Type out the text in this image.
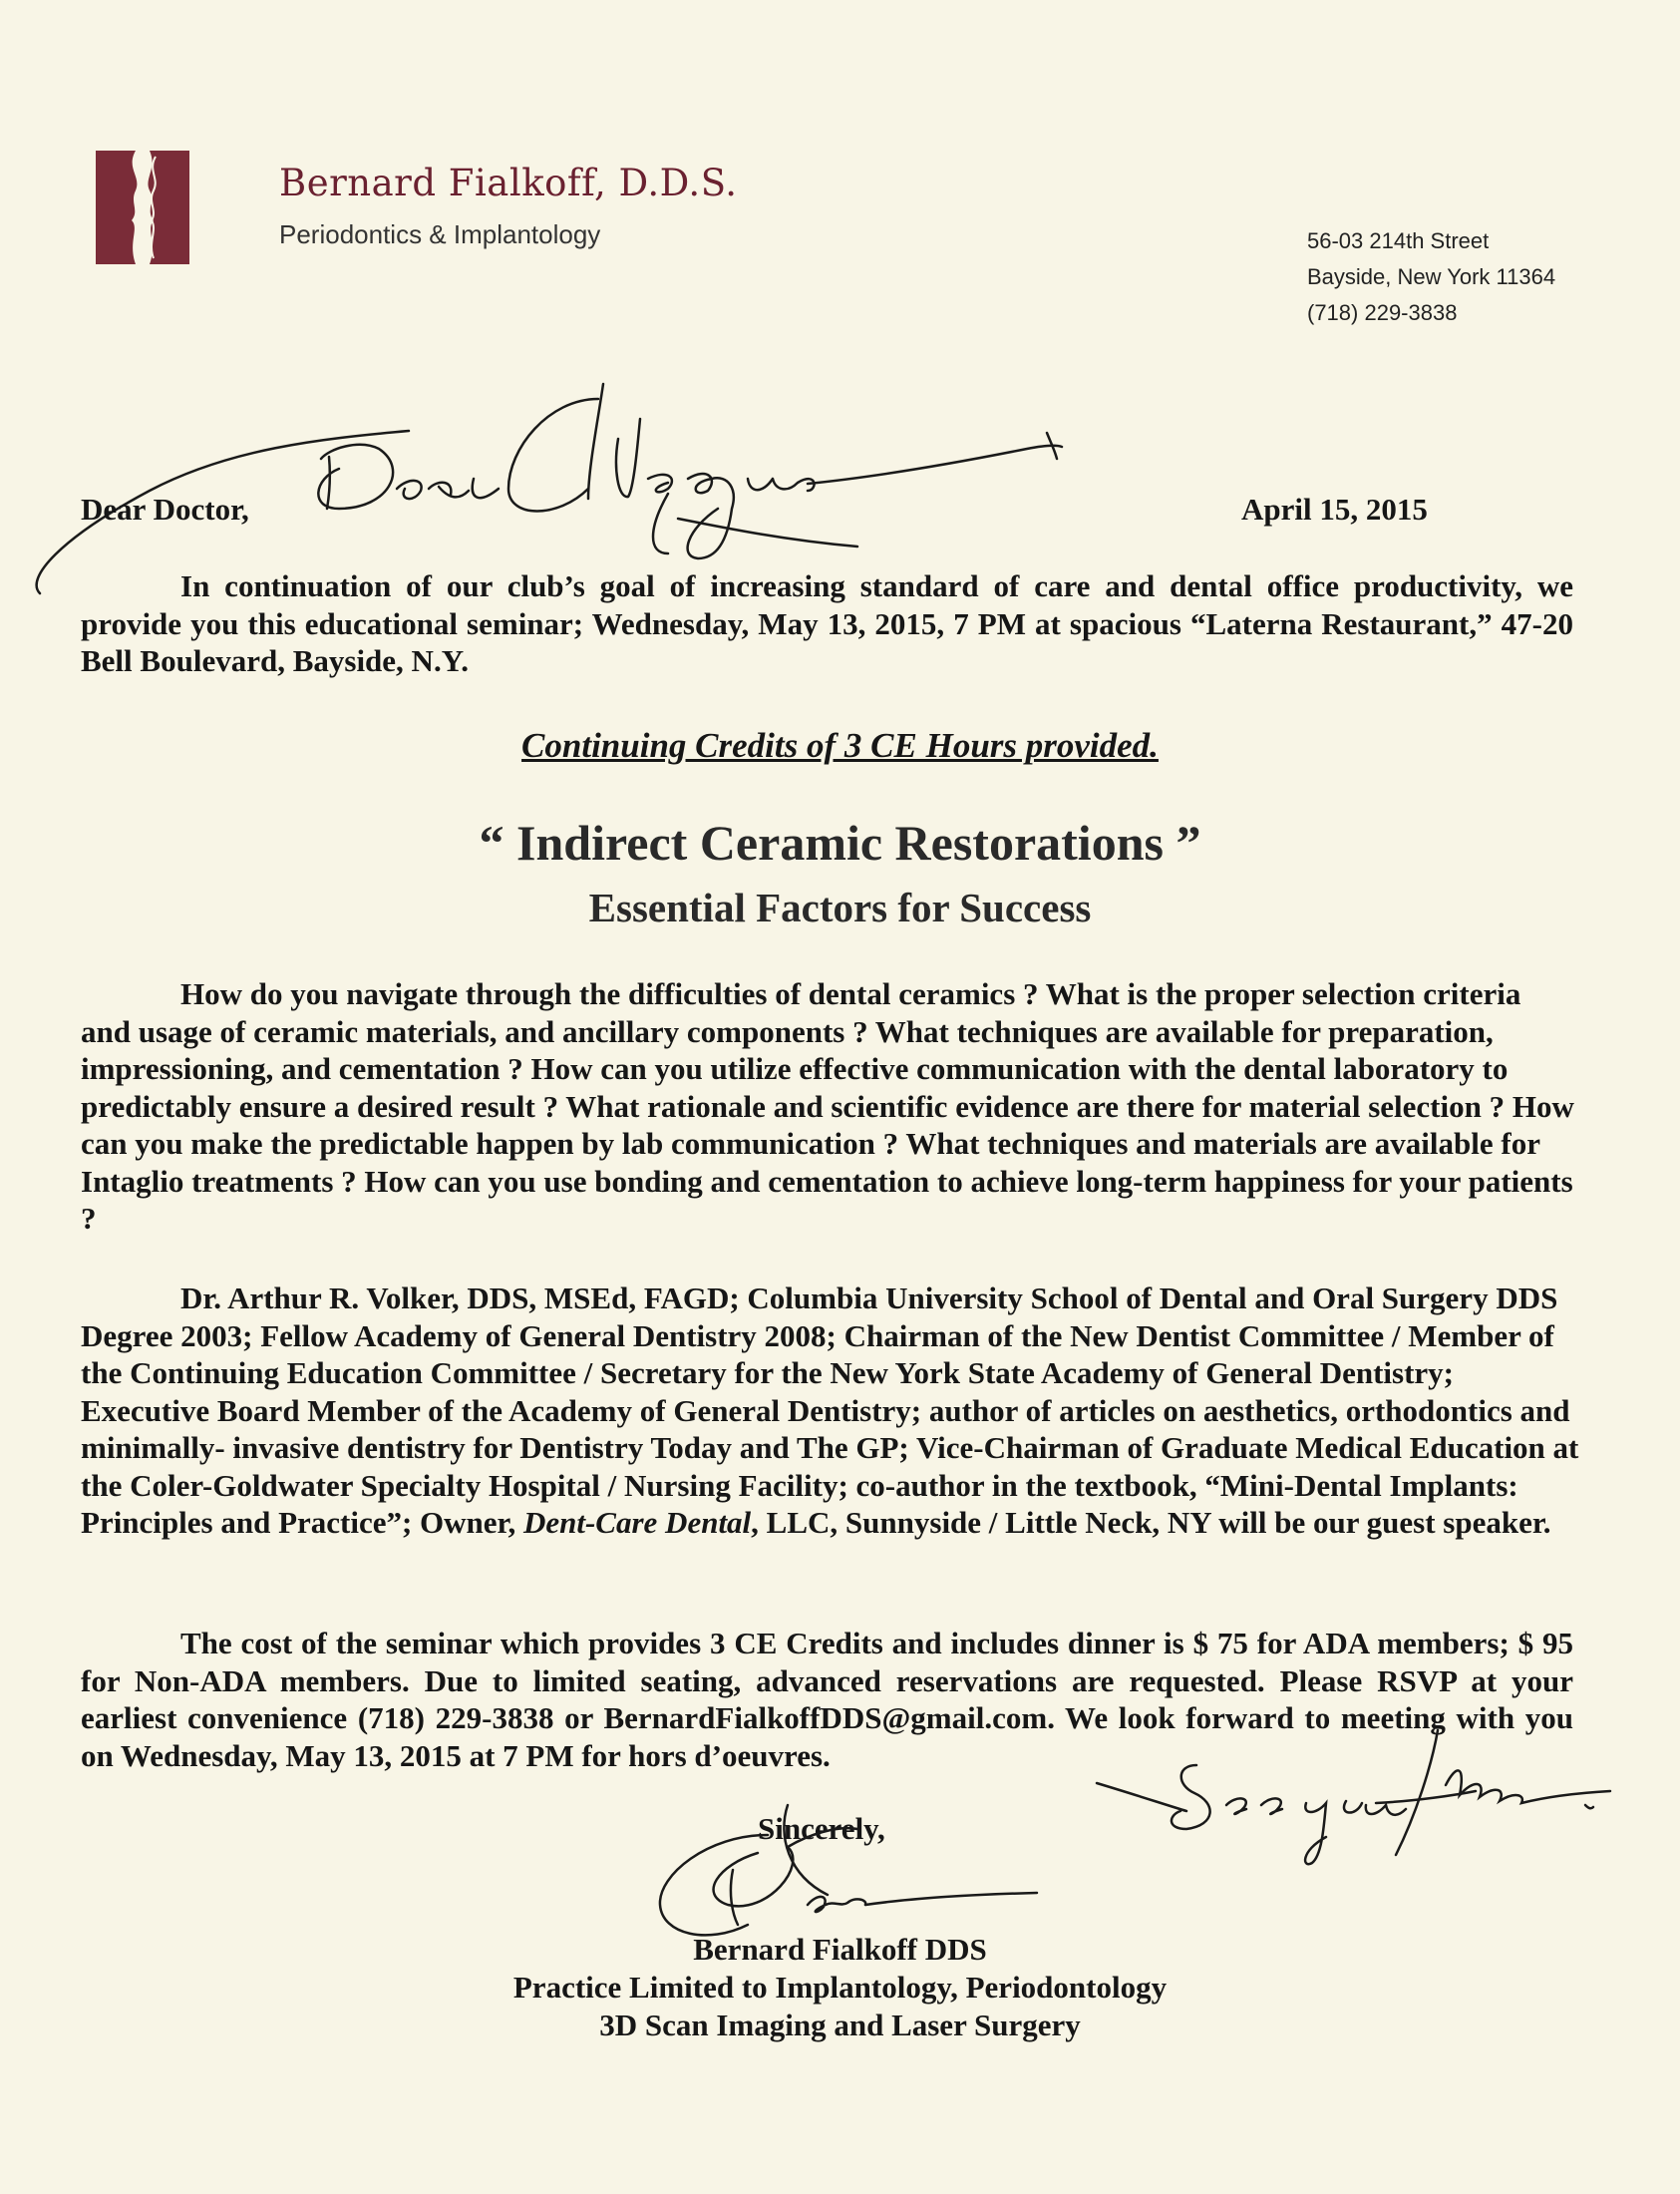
Bernard Fialkoff, D.D.S.
Periodontics & Implantology	56-03 214th Street
Bayside, New York 11364
(718) 229-3838
Dear Doctor,	April 15, 2015
In continuation of our club’s goal of increasing standard of care and dental office productivity, we provide you this educational seminar; Wednesday, May 13, 2015, 7 PM at spacious “Laterna Restaurant,” 47-20 Bell Boulevard, Bayside, N.Y.
Continuing Credits of 3 CE Hours provided.
“ Indirect Ceramic Restorations ”
Essential Factors for Success
How do you navigate through the difficulties of dental ceramics ? What is the proper selection criteria and usage of ceramic materials, and ancillary components ? What techniques are available for preparation, impressioning, and cementation ? How can you utilize effective communication with the dental laboratory to predictably ensure a desired result ? What rationale and scientific evidence are there for material selection ? How can you make the predictable happen by lab communication ? What techniques and materials are available for Intaglio treatments ? How can you use bonding and cementation to achieve long-term happiness for your patients ?
Dr. Arthur R. Volker, DDS, MSEd, FAGD; Columbia University School of Dental and Oral Surgery DDS Degree 2003; Fellow Academy of General Dentistry 2008; Chairman of the New Dentist Committee / Member of the Continuing Education Committee / Secretary for the New York State Academy of General Dentistry; Executive Board Member of the Academy of General Dentistry; author of articles on aesthetics, orthodontics and minimally- invasive dentistry for Dentistry Today and The GP; Vice-Chairman of Graduate Medical Education at the Coler-Goldwater Specialty Hospital / Nursing Facility; co-author in the textbook, “Mini-Dental Implants: Principles and Practice”; Owner, Dent-Care Dental, LLC, Sunnyside / Little Neck, NY will be our guest speaker.
The cost of the seminar which provides 3 CE Credits and includes dinner is $ 75 for ADA members; $ 95 for Non-ADA members. Due to limited seating, advanced reservations are requested. Please RSVP at your earliest convenience (718) 229-3838 or BernardFialkoffDDS@gmail.com. We look forward to meeting with you on Wednesday, May 13, 2015 at 7 PM for hors d’oeuvres.
Sincerely,
Bernard Fialkoff DDS
Practice Limited to Implantology, Periodontology
3D Scan Imaging and Laser Surgery
